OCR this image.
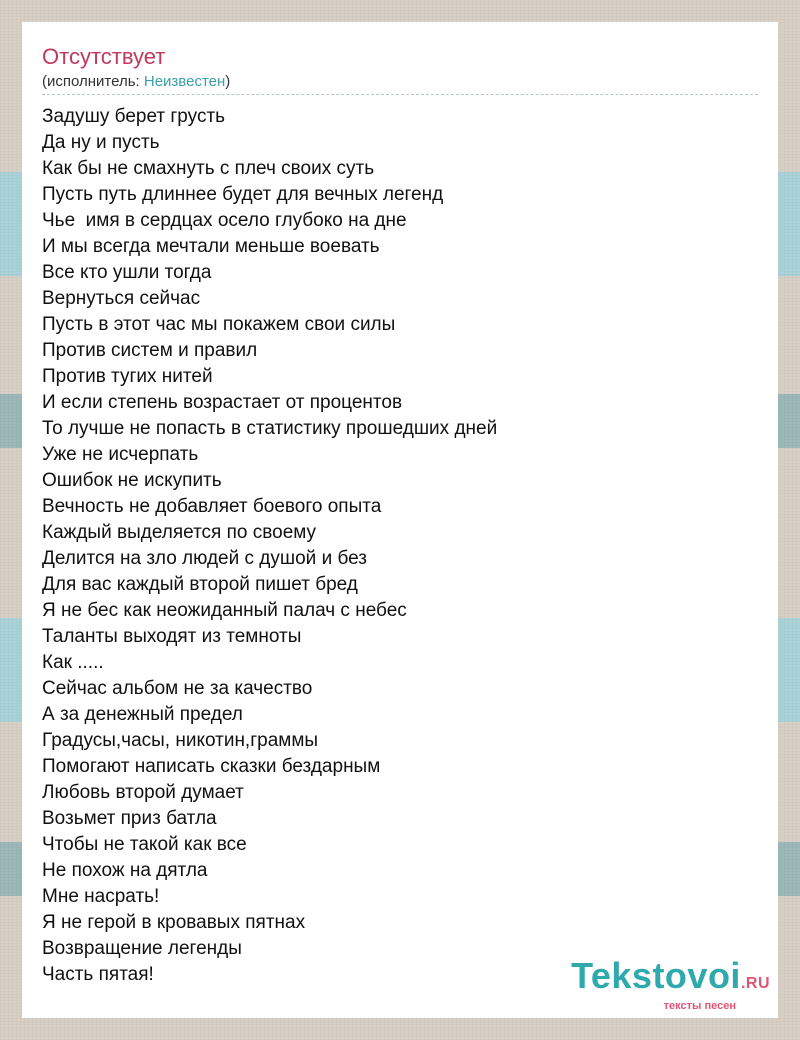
Отсутствует
(исполнитель: Неизвестен)
Задушу берет грусть
Да ну и пусть
Как бы не смахнуть с плеч своих суть
Пусть путь длиннее будет для вечных легенд
Чье  имя в сердцах осело глубоко на дне
И мы всегда мечтали меньше воевать
Все кто ушли тогда
Вернуться сейчас
Пусть в этот час мы покажем свои силы
Против систем и правил
Против тугих нитей
И если степень возрастает от процентов
То лучше не попасть в статистику прошедших дней
Уже не исчерпать
Ошибок не искупить
Вечность не добавляет боевого опыта
Каждый выделяется по своему
Делится на зло людей с душой и без
Для вас каждый второй пишет бред
Я не бес как неожиданный палач с небес
Таланты выходят из темноты
Как .....
Сейчас альбом не за качество
А за денежный предел
Градусы,часы, никотин,граммы
Помогают написать сказки бездарным
Любовь второй думает
Возьмет приз батла
Чтобы не такой как все
Не похож на дятла
Мне насрать!
Я не герой в кровавых пятнах
Возвращение легенды
Часть пятая!	Tekstovoi.RU
тексты песен
